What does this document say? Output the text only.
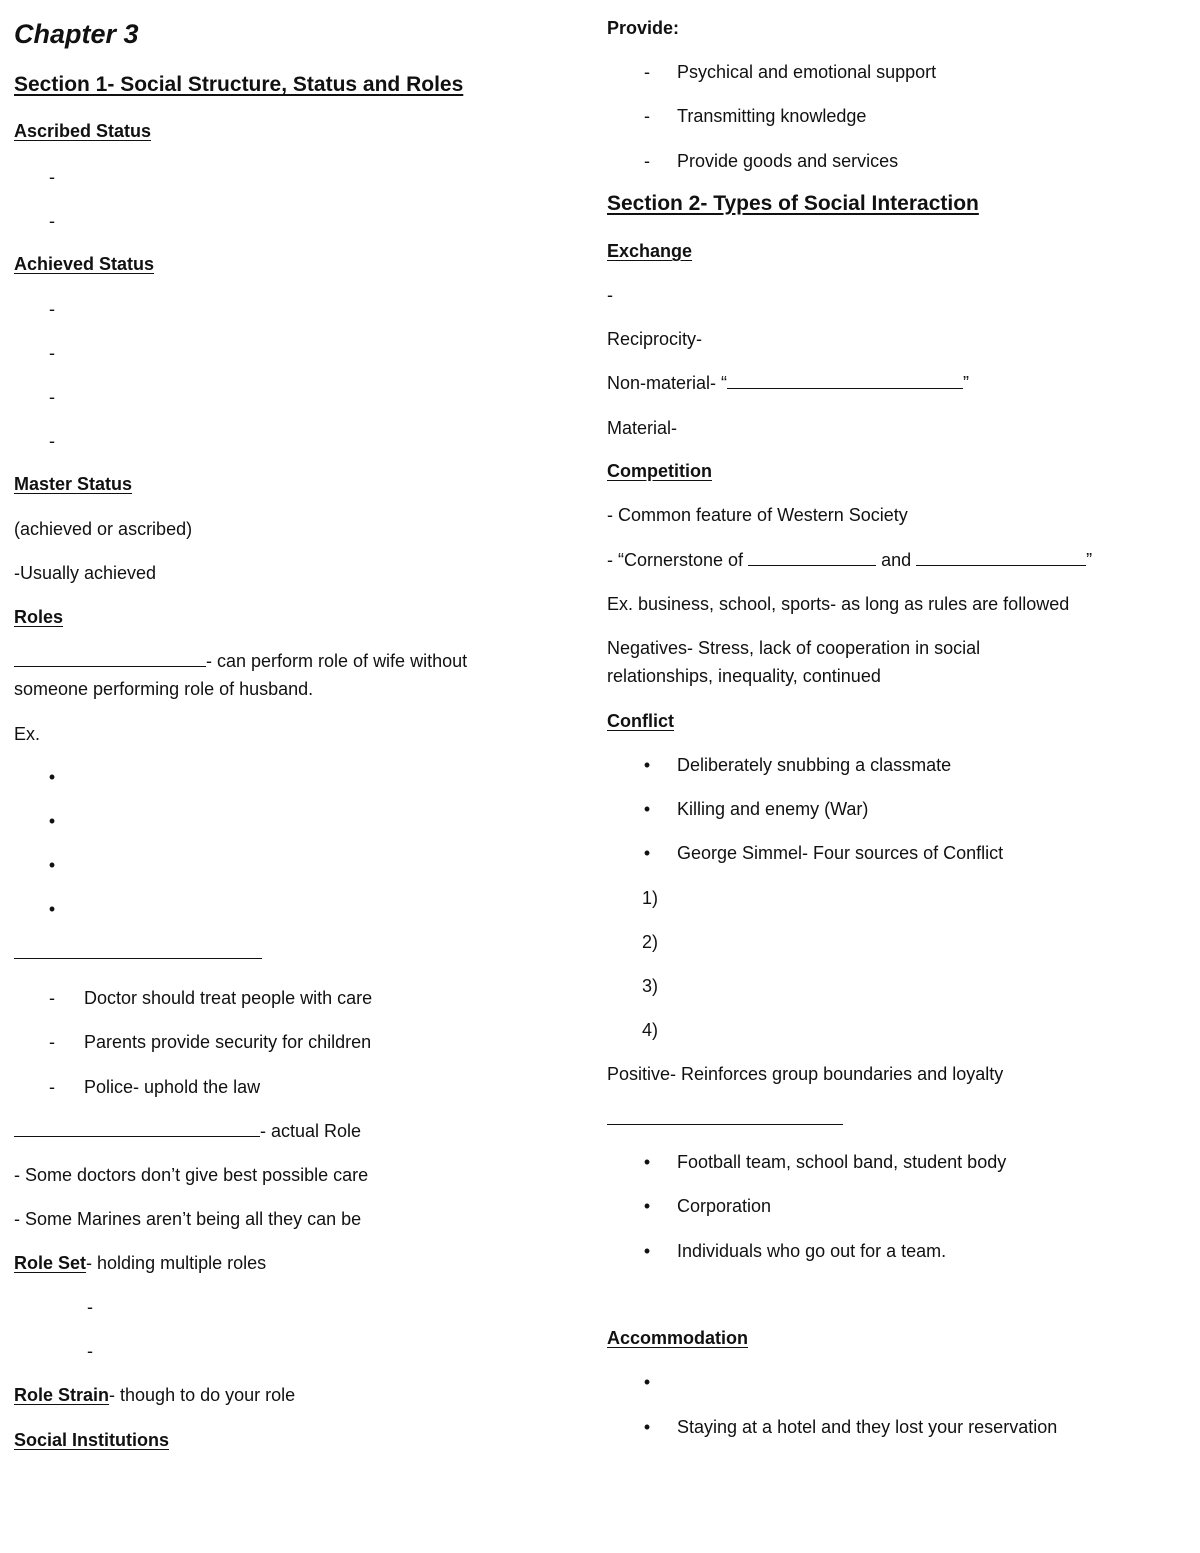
Chapter 3
Section 1- Social Structure, Status and Roles
Ascribed Status
-
-
Achieved Status
-
-
-
-
Master Status
(achieved or ascribed)
-Usually achieved
Roles
- can perform role of wife without
someone performing role of husband.
Ex.
•
•
•
•
-	Doctor should treat people with care
-	Parents provide security for children
-	Police- uphold the law
- actual Role
- Some doctors don’t give best possible care
- Some Marines aren’t being all they can be
Role Set- holding multiple roles
-
-
Role Strain- though to do your role
Social Institutions
Provide:
-	Psychical and emotional support
-	Transmitting knowledge
-	Provide goods and services
Section 2- Types of Social Interaction
Exchange
-
Reciprocity-
Non-material- “	”
Material-
Competition
- Common feature of Western Society
- “Cornerstone of	and	”
Ex. business, school, sports- as long as rules are followed
Negatives- Stress, lack of cooperation in social
relationships, inequality, continued
Conflict
•	Deliberately snubbing a classmate
•	Killing and enemy (War)
•	George Simmel- Four sources of Conflict
1)
2)
3)
4)
Positive- Reinforces group boundaries and loyalty
•	Football team, school band, student body
•	Corporation
•	Individuals who go out for a team.
Accommodation
•
•	Staying at a hotel and they lost your reservation
